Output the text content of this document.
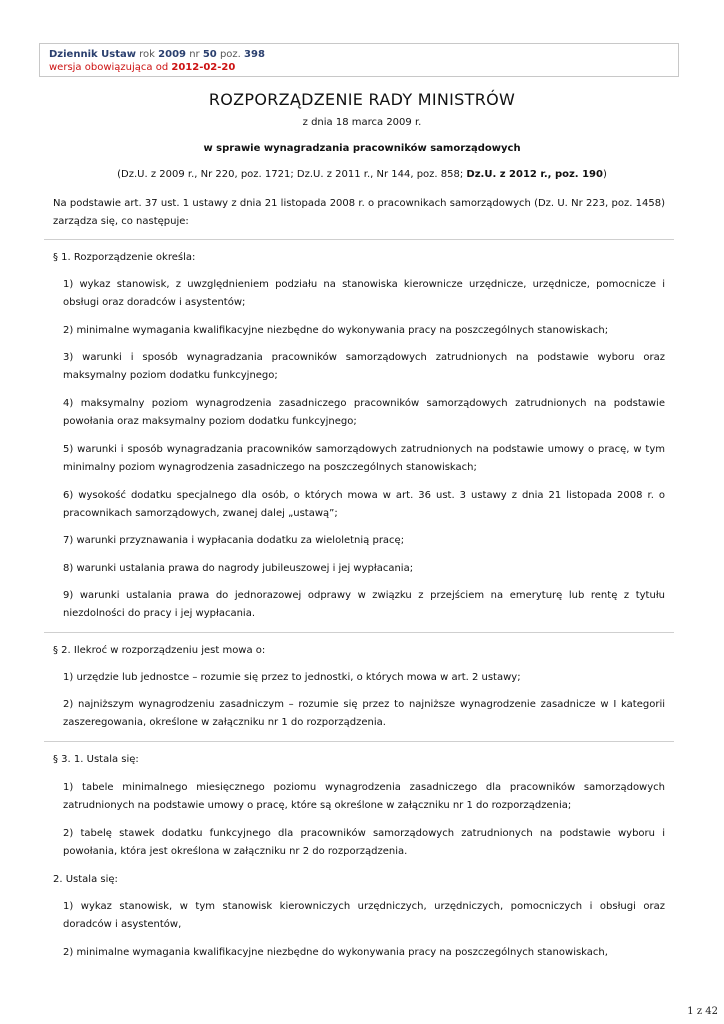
Dziennik Ustaw rok 2009 nr 50 poz. 398
wersja obowiązująca od 2012-02-20
ROZPORZĄDZENIE RADY MINISTRÓW
z dnia 18 marca 2009 r.
w sprawie wynagradzania pracowników samorządowych
(Dz.U. z 2009 r., Nr 220, poz. 1721; Dz.U. z 2011 r., Nr 144, poz. 858; Dz.U. z 2012 r., poz. 190)
Na podstawie art. 37 ust. 1 ustawy z dnia 21 listopada 2008 r. o pracownikach samorządowych (Dz. U. Nr 223, poz. 1458) zarządza się, co następuje:
§ 1. Rozporządzenie określa:
1) wykaz stanowisk, z uwzględnieniem podziału na stanowiska kierownicze urzędnicze, urzędnicze, pomocnicze i obsługi oraz doradców i asystentów;
2) minimalne wymagania kwalifikacyjne niezbędne do wykonywania pracy na poszczególnych stanowiskach;
3) warunki i sposób wynagradzania pracowników samorządowych zatrudnionych na podstawie wyboru oraz maksymalny poziom dodatku funkcyjnego;
4) maksymalny poziom wynagrodzenia zasadniczego pracowników samorządowych zatrudnionych na podstawie powołania oraz maksymalny poziom dodatku funkcyjnego;
5) warunki i sposób wynagradzania pracowników samorządowych zatrudnionych na podstawie umowy o pracę, w tym minimalny poziom wynagrodzenia zasadniczego na poszczególnych stanowiskach;
6) wysokość dodatku specjalnego dla osób, o których mowa w art. 36 ust. 3 ustawy z dnia 21 listopada 2008 r. o pracownikach samorządowych, zwanej dalej „ustawą”;
7) warunki przyznawania i wypłacania dodatku za wieloletnią pracę;
8) warunki ustalania prawa do nagrody jubileuszowej i jej wypłacania;
9) warunki ustalania prawa do jednorazowej odprawy w związku z przejściem na emeryturę lub rentę z tytułu niezdolności do pracy i jej wypłacania.
§ 2. Ilekroć w rozporządzeniu jest mowa o:
1) urzędzie lub jednostce – rozumie się przez to jednostki, o których mowa w art. 2 ustawy;
2) najniższym wynagrodzeniu zasadniczym – rozumie się przez to najniższe wynagrodzenie zasadnicze w I kategorii zaszeregowania, określone w załączniku nr 1 do rozporządzenia.
§ 3. 1. Ustala się:
1) tabele minimalnego miesięcznego poziomu wynagrodzenia zasadniczego dla pracowników samorządowych zatrudnionych na podstawie umowy o pracę, które są określone w załączniku nr 1 do rozporządzenia;
2) tabelę stawek dodatku funkcyjnego dla pracowników samorządowych zatrudnionych na podstawie wyboru i powołania, która jest określona w załączniku nr 2 do rozporządzenia.
2. Ustala się:
1) wykaz stanowisk, w tym stanowisk kierowniczych urzędniczych, urzędniczych, pomocniczych i obsługi oraz doradców i asystentów,
2) minimalne wymagania kwalifikacyjne niezbędne do wykonywania pracy na poszczególnych stanowiskach,
1 z 42
